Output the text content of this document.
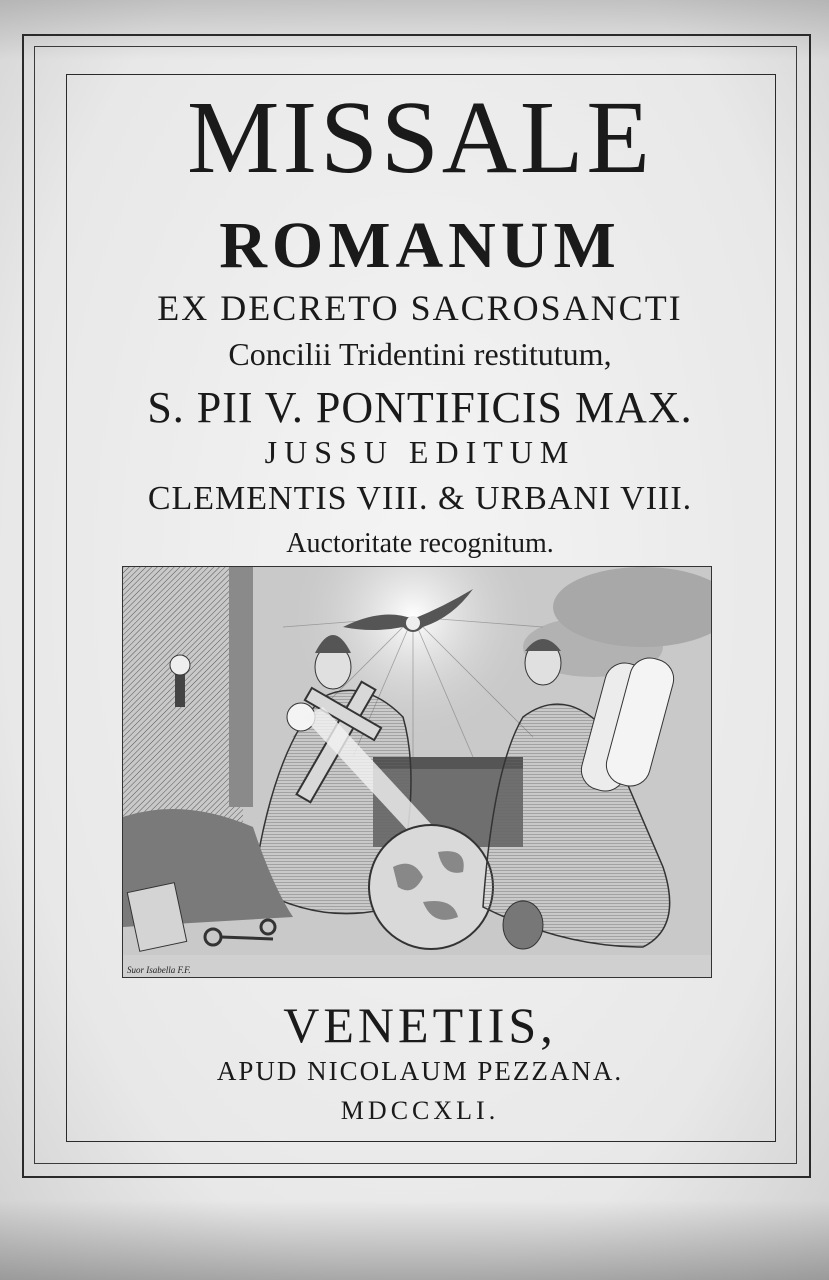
MISSALE
ROMANUM
EX DECRETO SACROSANCTI
Concilii Tridentini restitutum,
S. PII V. PONTIFICIS MAX.
JUSSU EDITUM
CLEMENTIS VIII. & URBANI VIII.
Auctoritate recognitum.
Suor Isabella F.F.
VENETIIS,
APUD NICOLAUM PEZZANA.
MDCCXLI.
